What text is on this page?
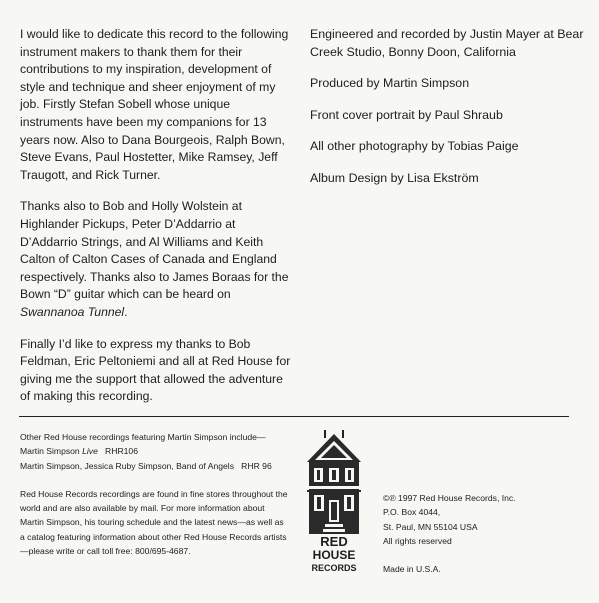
I would like to dedicate this record to the following instrument makers to thank them for their contributions to my inspiration, development of style and technique and sheer enjoyment of my job. Firstly Stefan Sobell whose unique instruments have been my companions for 13 years now. Also to Dana Bourgeois, Ralph Bown, Steve Evans, Paul Hostetter, Mike Ramsey, Jeff Traugott, and Rick Turner.

Thanks also to Bob and Holly Wolstein at Highlander Pickups, Peter D’Addarrio at D’Addarrio Strings, and Al Williams and Keith Calton of Calton Cases of Canada and England respectively. Thanks also to James Boraas for the Bown “D” guitar which can be heard on Swannanoa Tunnel.

Finally I’d like to express my thanks to Bob Feldman, Eric Peltoniemi and all at Red House for giving me the support that allowed the adventure of making this recording.

Engineered and recorded by Justin Mayer at Bear Creek Studio, Bonny Doon, California

Produced by Martin Simpson

Front cover portrait by Paul Shraub

All other photography by Tobias Paige

Album Design by Lisa Ekström

Other Red House recordings featuring Martin Simpson include—

Martin Simpson Live RHR106

Martin Simpson, Jessica Ruby Simpson, Band of Angels RHR 96

Red House Records recordings are found in fine stores throughout the world and are also available by mail. For more information about Martin Simpson, his touring schedule and the latest news—as well as a catalog featuring information about other Red House Records artists—please write or call toll free: 800/695-4687.

RED
HOUSE
RECORDS

©℗ 1997 Red House Records, Inc.

P.O. Box 4044,

St. Paul, MN 55104 USA

All rights reserved

Made in U.S.A.
